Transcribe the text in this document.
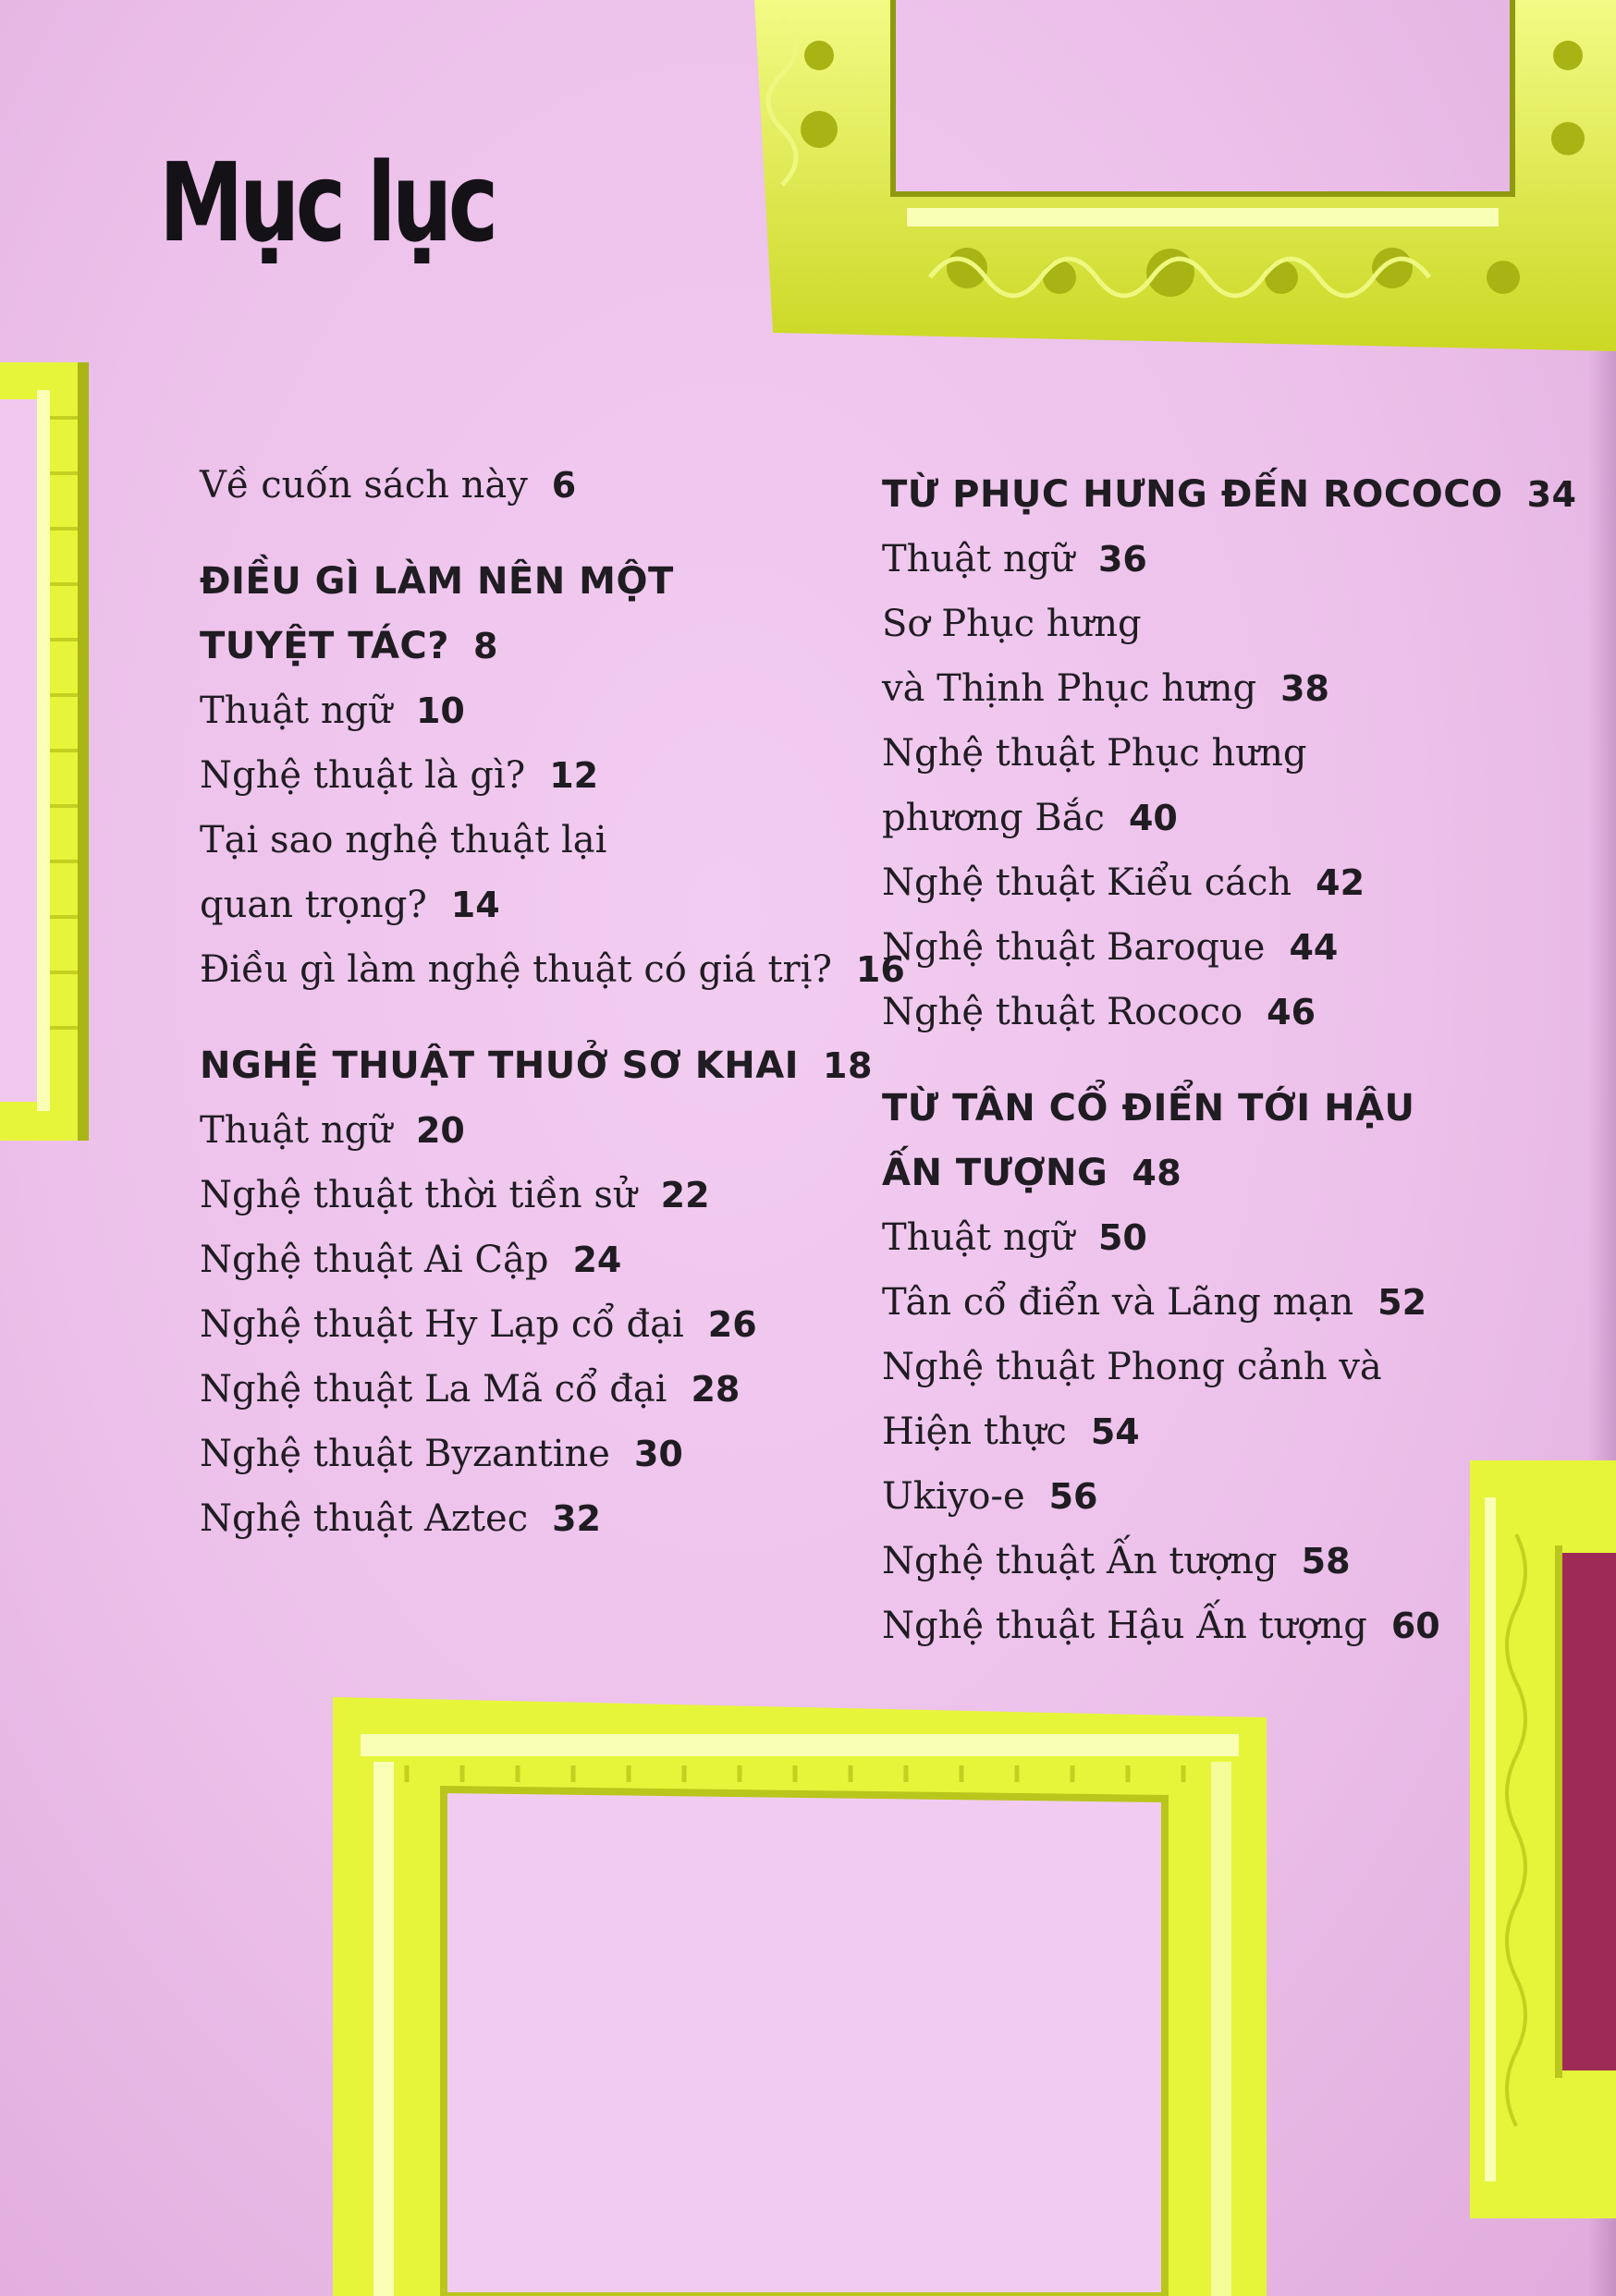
Mục lục
Về cuốn sách này 6
ĐIỀU GÌ LÀM NÊN MỘT
TUYỆT TÁC? 8
Thuật ngữ 10
Nghệ thuật là gì? 12
Tại sao nghệ thuật lại
quan trọng? 14
Điều gì làm nghệ thuật có giá trị? 16
NGHỆ THUẬT THUỞ SƠ KHAI 18
Thuật ngữ 20
Nghệ thuật thời tiền sử 22
Nghệ thuật Ai Cập 24
Nghệ thuật Hy Lạp cổ đại 26
Nghệ thuật La Mã cổ đại 28
Nghệ thuật Byzantine 30
Nghệ thuật Aztec 32
TỪ PHỤC HƯNG ĐẾN ROCOCO 34
Thuật ngữ 36
Sơ Phục hưng
và Thịnh Phục hưng 38
Nghệ thuật Phục hưng
phương Bắc 40
Nghệ thuật Kiểu cách 42
Nghệ thuật Baroque 44
Nghệ thuật Rococo 46
TỪ TÂN CỔ ĐIỂN TỚI HẬU
ẤN TƯỢNG 48
Thuật ngữ 50
Tân cổ điển và Lãng mạn 52
Nghệ thuật Phong cảnh và
Hiện thực 54
Ukiyo-e 56
Nghệ thuật Ấn tượng 58
Nghệ thuật Hậu Ấn tượng 60
